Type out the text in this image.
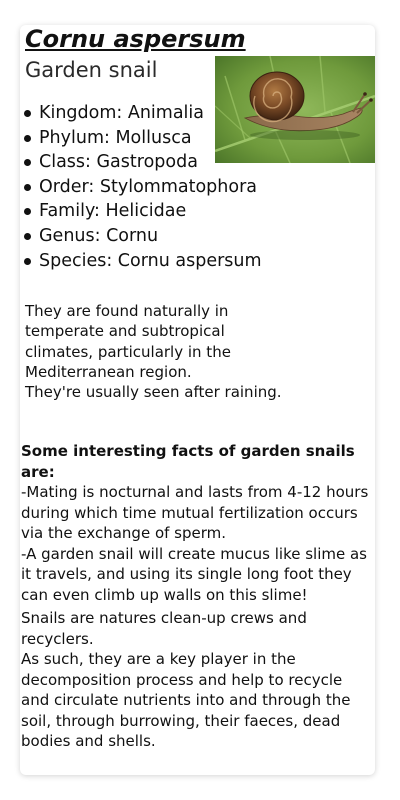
Cornu aspersum
Garden snail
Kingdom: Animalia
Phylum: Mollusca
Class: Gastropoda
Order: Stylommatophora
Family: Helicidae
Genus: Cornu
Species: Cornu aspersum

They are found naturally in

temperate and subtropical

climates, particularly in the

Mediterranean region.

They're usually seen after raining.

Some interesting facts of garden snails are:

-Mating is nocturnal and lasts from 4-12 hours during which time mutual fertilization occurs via the exchange of sperm.

-A garden snail will create mucus like slime as it travels, and using its single long foot they can even climb up walls on this slime!

Snails are natures clean-up crews and recyclers.

As such, they are a key player in the decomposition process and help to recycle and circulate nutrients into and through the soil, through burrowing, their faeces, dead bodies and shells.
